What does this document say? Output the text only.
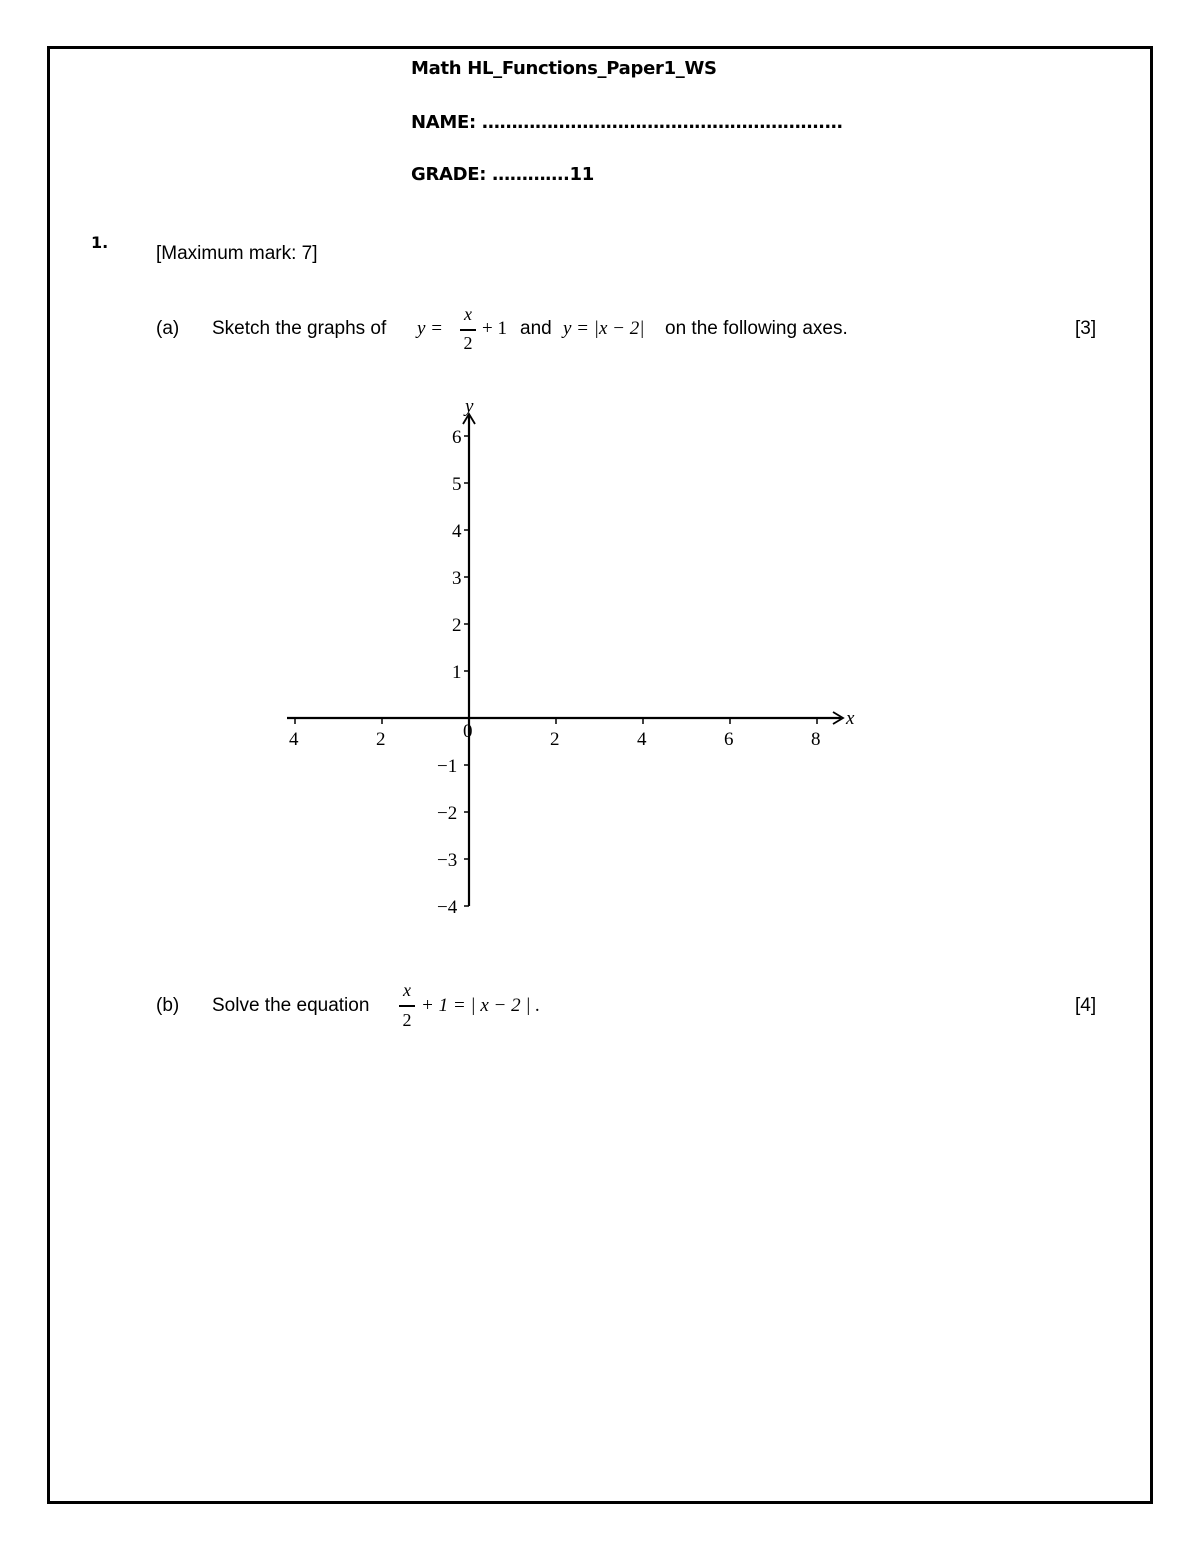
Math HL_Functions_Paper1_WS
NAME: ………………………………………………….…
GRADE: ………….11
1.
[Maximum mark: 7]
(a) Sketch the graphs of y =
x
2
+ 1 and y = |x − 2| on the following axes.	[3]
x
y
4	2	0	2	4	6	8
6
5
4
3
2
1
−1
−2
−3
−4
(b) Solve the equation
x
2
+ 1 = | x − 2 | .	[4]
